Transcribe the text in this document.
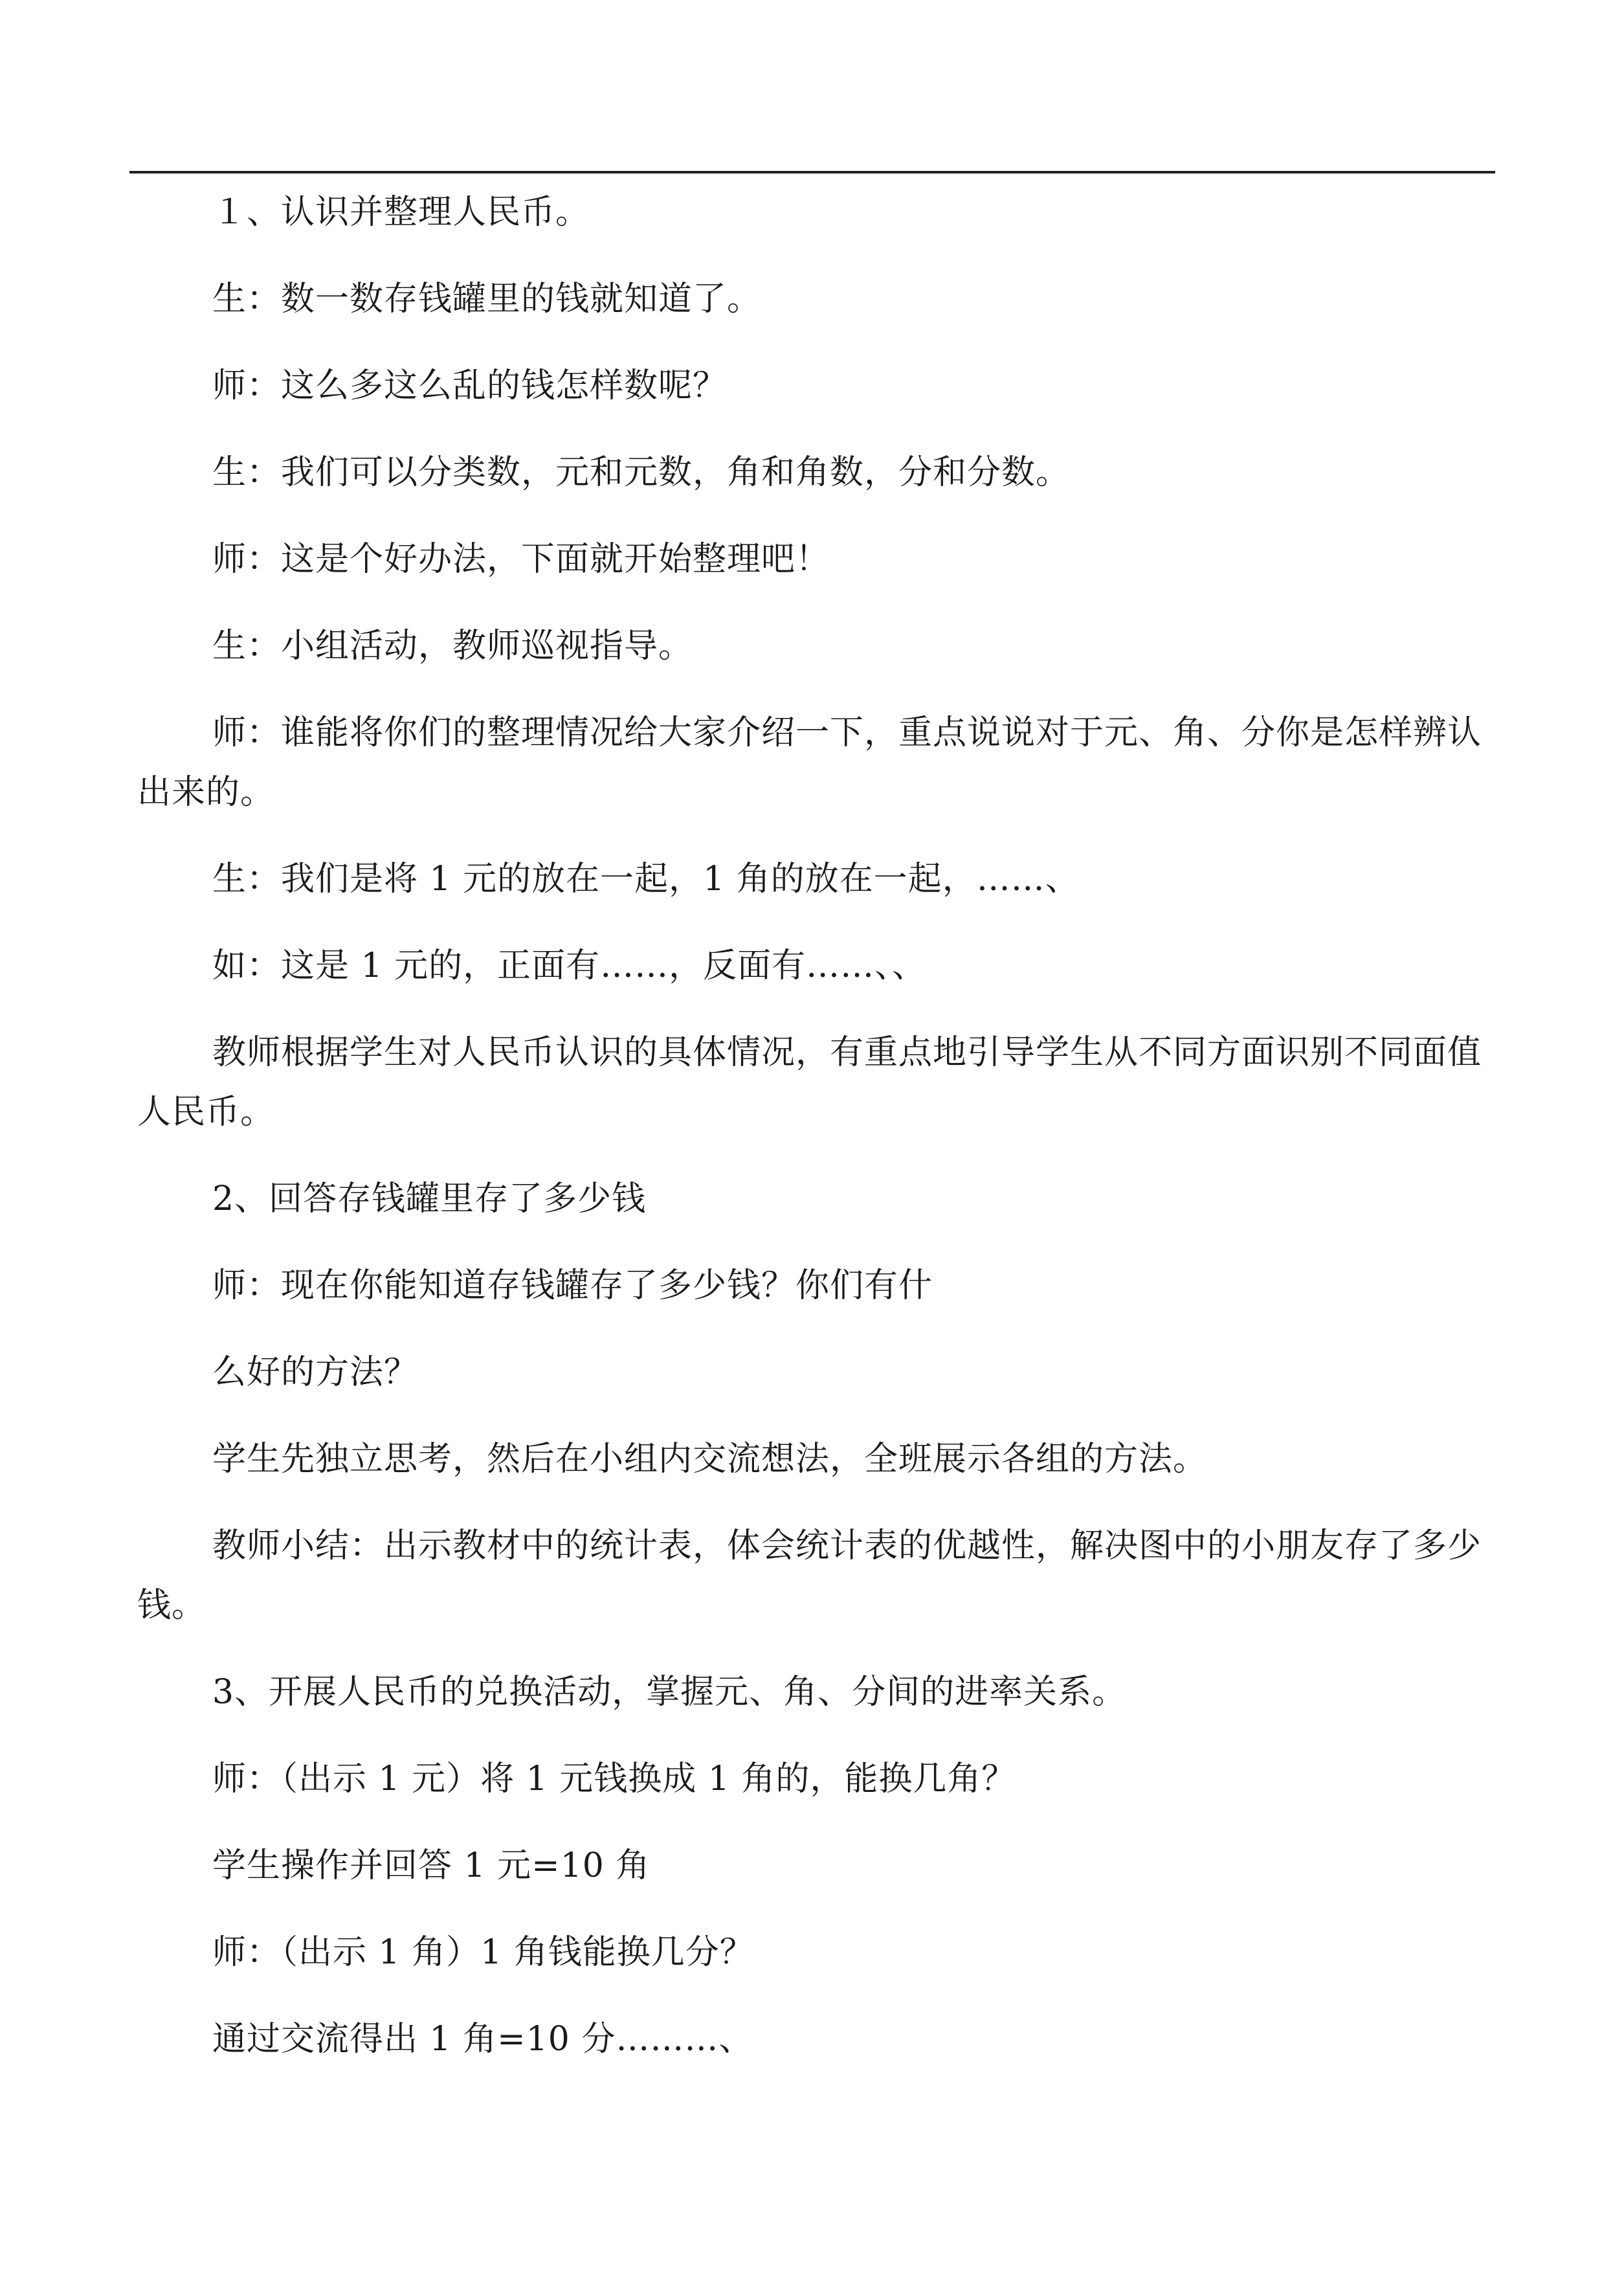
１、认识并整理人民币。

生：数一数存钱罐里的钱就知道了。

师：这么多这么乱的钱怎样数呢？

生：我们可以分类数，元和元数，角和角数，分和分数。

师：这是个好办法，下面就开始整理吧！

生：小组活动，教师巡视指导。

师：谁能将你们的整理情况给大家介绍一下，重点说说对于元、角、分你是怎样辨认出来的。

生：我们是将 1 元的放在一起，1 角的放在一起，……、

如：这是 1 元的，正面有……，反面有……、、

教师根据学生对人民币认识的具体情况，有重点地引导学生从不同方面识别不同面值人民币。

2、回答存钱罐里存了多少钱

师：现在你能知道存钱罐存了多少钱？你们有什

么好的方法？

学生先独立思考，然后在小组内交流想法，全班展示各组的方法。

教师小结：出示教材中的统计表，体会统计表的优越性，解决图中的小朋友存了多少钱。

3、开展人民币的兑换活动，掌握元、角、分间的进率关系。

师：（出示 1 元）将 1 元钱换成 1 角的，能换几角？

学生操作并回答 1 元=10 角

师：（出示 1 角）1 角钱能换几分？

通过交流得出 1 角=10 分………、
